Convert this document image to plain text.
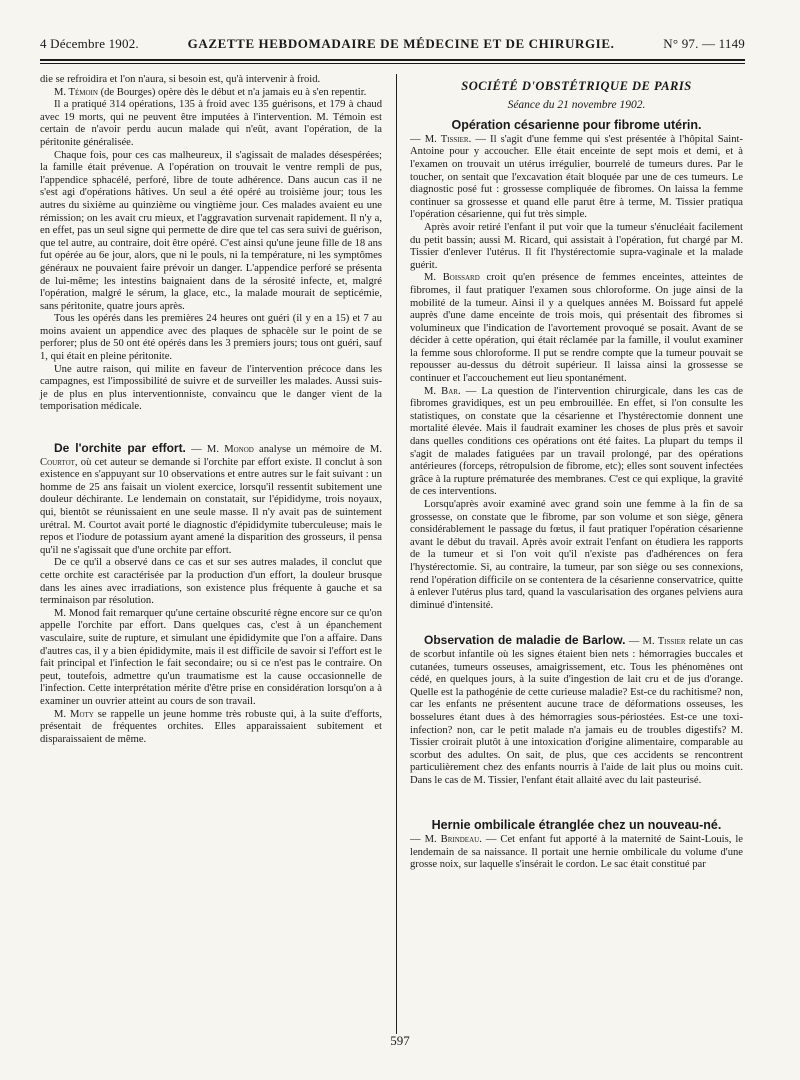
4 Décembre 1902.	GAZETTE HEBDOMADAIRE DE MÉDECINE ET DE CHIRURGIE.	N° 97. — 1149

die se refroidira et l'on n'aura, si besoin est, qu'à intervenir à froid.

M. Témoin (de Bourges) opère dès le début et n'a jamais eu à s'en repentir.

Il a pratiqué 314 opérations, 135 à froid avec 135 guérisons, et 179 à chaud avec 19 morts, qui ne peuvent être imputées à l'intervention. M. Témoin est certain de n'avoir perdu aucun malade qui n'eût, avant l'opération, de la péritonite généralisée.

Chaque fois, pour ces cas malheureux, il s'agissait de malades désespérées; la famille était prévenue. A l'opération on trouvait le ventre rempli de pus, l'appendice sphacélé, perforé, libre de toute adhérence. Dans aucun cas il ne s'est agi d'opérations hâtives. Un seul a été opéré au troisième jour; tous les autres du sixième au quinzième ou vingtième jour. Ces malades avaient eu une rémission; on les avait cru mieux, et l'aggravation survenait rapidement. Il n'y a, en effet, pas un seul signe qui permette de dire que tel cas sera suivi de guérison, que tel autre, au contraire, doit être opéré. C'est ainsi qu'une jeune fille de 18 ans fut opérée au 6e jour, alors, que ni le pouls, ni la température, ni les symptômes généraux ne pouvaient faire prévoir un danger. L'appendice perforé se présenta de lui-même; les intestins baignaient dans de la sérosité infecte, et, malgré l'opération, malgré le sérum, la glace, etc., la malade mourait de septicémie, sans péritonite, quatre jours après.

Tous les opérés dans les premières 24 heures ont guéri (il y en a 15) et 7 au moins avaient un appendice avec des plaques de sphacèle sur le point de se perforer; plus de 50 ont été opérés dans les 3 premiers jours; tous ont guéri, sauf 1, qui était en pleine péritonite.

Une autre raison, qui milite en faveur de l'intervention précoce dans les campagnes, est l'impossibilité de suivre et de surveiller les malades. Aussi suis-je de plus en plus interventionniste, convaincu que le danger vient de la temporisation médicale.

De l'orchite par effort. — M. Monod analyse un mémoire de M. Courtot, où cet auteur se demande si l'orchite par effort existe. Il conclut à son existence en s'appuyant sur 10 observations et entre autres sur le fait suivant : un homme de 25 ans faisait un violent exercice, lorsqu'il ressentit subitement une douleur déchirante. Le lendemain on constatait, sur l'épididyme, trois noyaux, qui, bientôt se réunissaient en une seule masse. Il n'y avait pas de suintement urétral. M. Courtot avait porté le diagnostic d'épididymite tuberculeuse; mais le repos et l'iodure de potassium ayant amené la disparition des grosseurs, il pensa qu'il ne s'agissait que d'une orchite par effort.

De ce qu'il a observé dans ce cas et sur ses autres malades, il conclut que cette orchite est caractérisée par la production d'un effort, la douleur brusque dans les aines avec irradiations, son existence plus fréquente à gauche et sa terminaison par résolution.

M. Monod fait remarquer qu'une certaine obscurité règne encore sur ce qu'on appelle l'orchite par effort. Dans quelques cas, c'est à un épanchement vasculaire, suite de rupture, et simulant une épididymite que l'on a affaire. Dans d'autres cas, il y a bien épididymite, mais il est difficile de savoir si l'effort est le fait principal et l'infection le fait secondaire; ou si ce n'est pas le contraire. On peut, toutefois, admettre qu'un traumatisme est la cause occasionnelle de l'infection. Cette interprétation mérite d'être prise en considération lorsqu'on a à examiner un ouvrier atteint au cours de son travail.

M. Moty se rappelle un jeune homme très robuste qui, à la suite d'efforts, présentait de fréquentes orchites. Elles apparaissaient subitement et disparaissaient de même.

SOCIÉTÉ D'OBSTÉTRIQUE DE PARIS

Séance du 21 novembre 1902.

Opération césarienne pour fibrome utérin.

— M. Tissier. — Il s'agit d'une femme qui s'est présentée à l'hôpital Saint-Antoine pour y accoucher. Elle était enceinte de sept mois et demi, et à l'examen on trouvait un utérus irrégulier, bourrelé de tumeurs dures. Par le toucher, on sentait que l'excavation était bloquée par une de ces tumeurs. Le diagnostic posé fut : grossesse compliquée de fibromes. On laissa la femme continuer sa grossesse et quand elle parut être à terme, M. Tissier pratiqua l'opération césarienne, qui fut très simple.

Après avoir retiré l'enfant il put voir que la tumeur s'énucléait facilement du petit bassin; aussi M. Ricard, qui assistait à l'opération, fut chargé par M. Tissier d'enlever l'utérus. Il fit l'hystérectomie supra-vaginale et la malade guérit.

M. Boissard croit qu'en présence de femmes enceintes, atteintes de fibromes, il faut pratiquer l'examen sous chloroforme. On juge ainsi de la mobilité de la tumeur. Ainsi il y a quelques années M. Boissard fut appelé auprès d'une dame enceinte de trois mois, qui présentait des fibromes si volumineux que l'indication de l'avortement provoqué se posait. Avant de se décider à cette opération, qui était réclamée par la famille, il voulut examiner la femme sous chloroforme. Il put se rendre compte que la tumeur pouvait se repousser au-dessus du détroit supérieur. Il laissa ainsi la grossesse se continuer et l'accouchement eut lieu spontanément.

M. Bar. — La question de l'intervention chirurgicale, dans les cas de fibromes gravidiques, est un peu embrouillée. En effet, si l'on consulte les statistiques, on constate que la césarienne et l'hystérectomie donnent une mortalité élevée. Mais il faudrait examiner les choses de plus près et savoir dans quelles conditions ces opérations ont été faites. La plupart du temps il s'agit de malades fatiguées par un travail prolongé, par des opérations antérieures (forceps, rétropulsion de fibrome, etc); elles sont souvent infectées grâce à la rupture prématurée des membranes. C'est ce qui explique, la gravité de ces interventions.

Lorsqu'après avoir examiné avec grand soin une femme à la fin de sa grossesse, on constate que le fibrome, par son volume et son siège, gênera considérablement le passage du fœtus, il faut pratiquer l'opération césarienne avant le début du travail. Après avoir extrait l'enfant on étudiera les rapports de la tumeur et si l'on voit qu'il n'existe pas d'adhérences on fera l'hystérectomie. Si, au contraire, la tumeur, par son siège ou ses connexions, rend l'opération difficile on se contentera de la césarienne conservatrice, quitte à enlever l'utérus plus tard, quand la vascularisation des organes pelviens aura diminué d'intensité.

Observation de maladie de Barlow. — M. Tissier relate un cas de scorbut infantile où les signes étaient bien nets : hémorragies buccales et cutanées, tumeurs osseuses, amaigrissement, etc. Tous les phénomènes ont cédé, en quelques jours, à la suite d'ingestion de lait cru et de jus d'orange. Quelle est la pathogénie de cette curieuse maladie? Est-ce du rachitisme? non, car les enfants ne présentent aucune trace de déformations osseuses, les bosselures étant dues à des hémorragies sous-périostées. Est-ce une toxi-infection? non, car le petit malade n'a jamais eu de troubles digestifs? M. Tissier croirait plutôt à une intoxication d'origine alimentaire, comparable au scorbut des adultes. On sait, de plus, que ces accidents se rencontrent particulièrement chez des enfants nourris à l'aide de lait plus ou moins cuit. Dans le cas de M. Tissier, l'enfant était allaité avec du lait pasteurisé.

Hernie ombilicale étranglée chez un nouveau-né.

— M. Brindeau. — Cet enfant fut apporté à la maternité de Saint-Louis, le lendemain de sa naissance. Il portait une hernie ombilicale du volume d'une grosse noix, sur laquelle s'insérait le cordon. Le sac était constitué par

597
